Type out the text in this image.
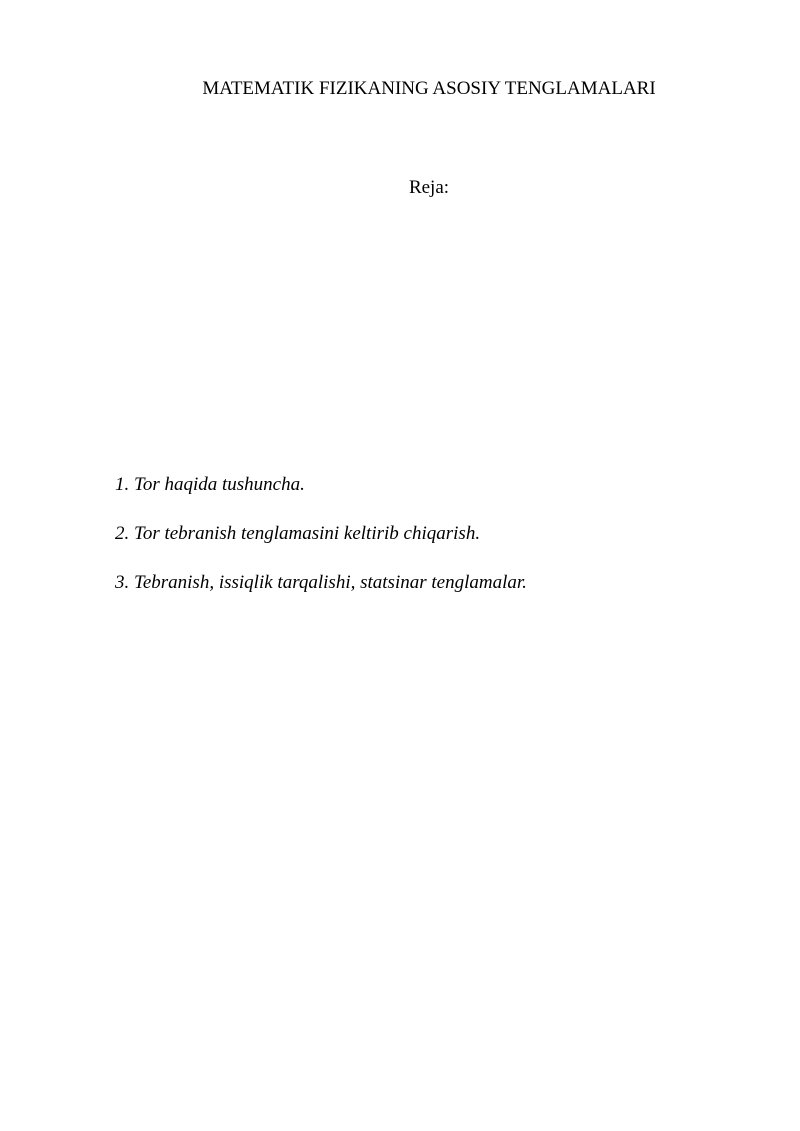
MATEMATIK FIZIKANING ASOSIY TENGLAMALARI
Reja:
1. Tor haqida tushuncha.
2. Tor tebranish tenglamasini keltirib chiqarish.
3. Tebranish, issiqlik tarqalishi, statsinar tenglamalar.
